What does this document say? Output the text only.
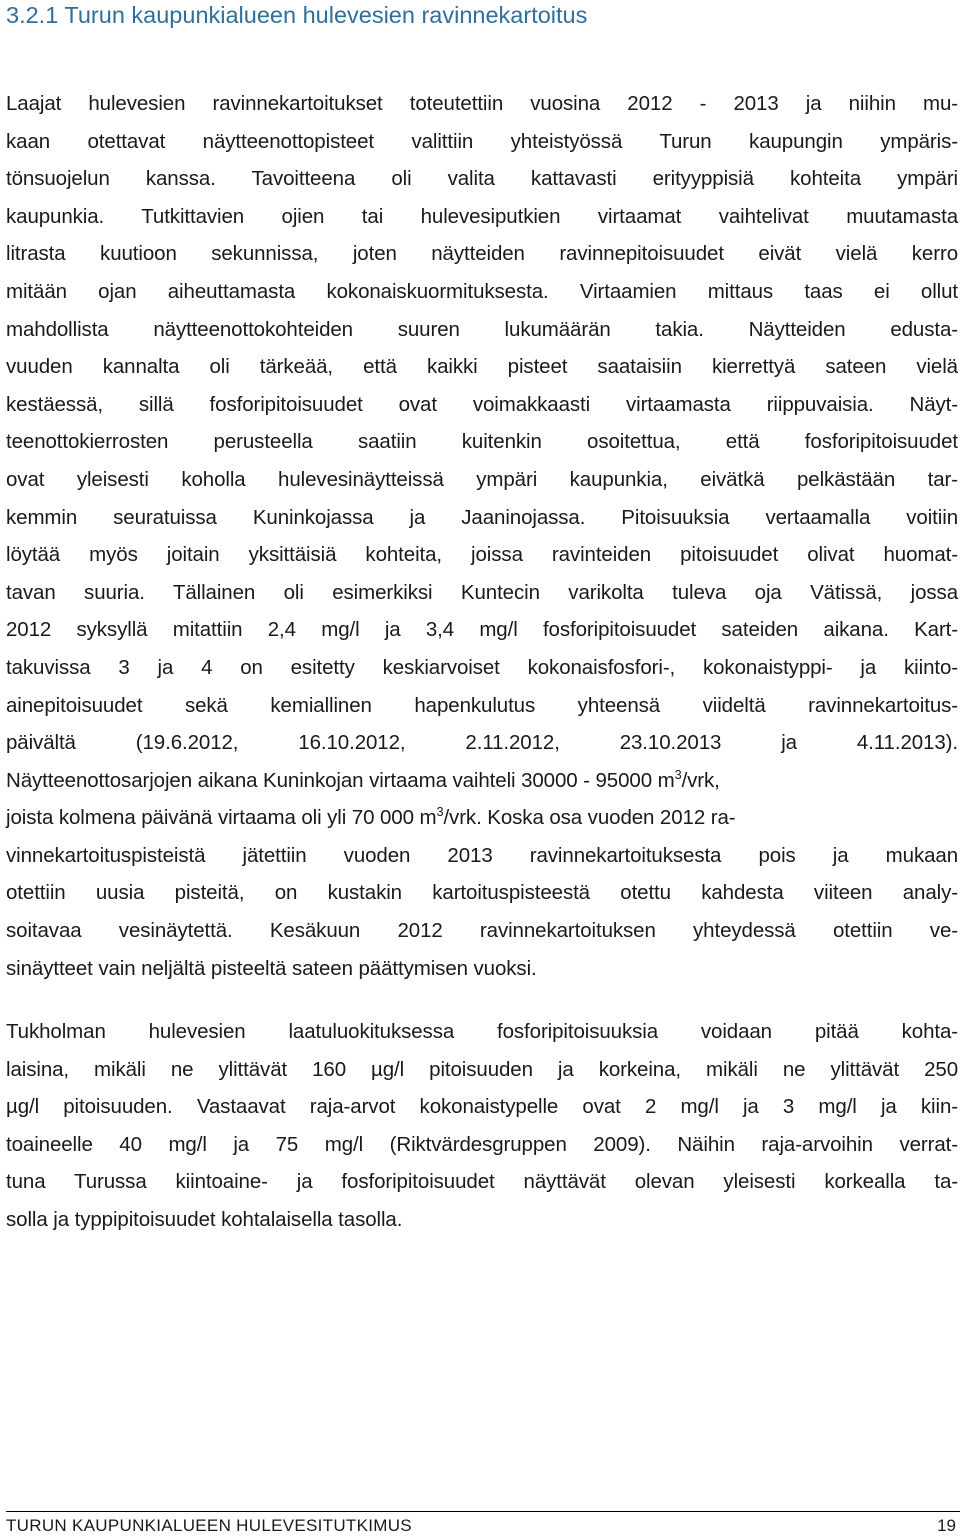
3.2.1 Turun kaupunkialueen hulevesien ravinnekartoitus
Laajat hulevesien ravinnekartoitukset toteutettiin vuosina 2012 - 2013 ja niihin mu-
kaan otettavat näytteenottopisteet valittiin yhteistyössä Turun kaupungin ympäris-
tönsuojelun kanssa. Tavoitteena oli valita kattavasti erityyppisiä kohteita ympäri
kaupunkia. Tutkittavien ojien tai hulevesiputkien virtaamat vaihtelivat muutamasta
litrasta kuutioon sekunnissa, joten näytteiden ravinnepitoisuudet eivät vielä kerro
mitään ojan aiheuttamasta kokonaiskuormituksesta. Virtaamien mittaus taas ei ollut
mahdollista näytteenottokohteiden suuren lukumäärän takia. Näytteiden edusta-
vuuden kannalta oli tärkeää, että kaikki pisteet saataisiin kierrettyä sateen vielä
kestäessä, sillä fosforipitoisuudet ovat voimakkaasti virtaamasta riippuvaisia. Näyt-
teenottokierrosten perusteella saatiin kuitenkin osoitettua, että fosforipitoisuudet
ovat yleisesti koholla hulevesinäytteissä ympäri kaupunkia, eivätkä pelkästään tar-
kemmin seuratuissa Kuninkojassa ja Jaaninojassa. Pitoisuuksia vertaamalla voitiin
löytää myös joitain yksittäisiä kohteita, joissa ravinteiden pitoisuudet olivat huomat-
tavan suuria. Tällainen oli esimerkiksi Kuntecin varikolta tuleva oja Vätissä, jossa
2012 syksyllä mitattiin 2,4 mg/l ja 3,4 mg/l fosforipitoisuudet sateiden aikana. Kart-
takuvissa 3 ja 4 on esitetty keskiarvoiset kokonaisfosfori-, kokonaistyppi- ja kiinto-
ainepitoisuudet sekä kemiallinen hapenkulutus yhteensä viideltä ravinnekartoitus-
päivältä (19.6.2012, 16.10.2012, 2.11.2012, 23.10.2013 ja 4.11.2013).
Näytteenottosarjojen aikana Kuninkojan virtaama vaihteli 30000 - 95000 $m^3$/vrk,
joista kolmena päivänä virtaama oli yli 70 000 $m^3$/vrk. Koska osa vuoden 2012 ra-
vinnekartoituspisteistä jätettiin vuoden 2013 ravinnekartoituksesta pois ja mukaan
otettiin uusia pisteitä, on kustakin kartoituspisteestä otettu kahdesta viiteen analy-
soitavaa vesinäytettä. Kesäkuun 2012 ravinnekartoituksen yhteydessä otettiin ve-
sinäytteet vain neljältä pisteeltä sateen päättymisen vuoksi.
Tukholman hulevesien laatuluokituksessa fosforipitoisuuksia voidaan pitää kohta-
laisina, mikäli ne ylittävät 160 µg/l pitoisuuden ja korkeina, mikäli ne ylittävät 250
µg/l pitoisuuden. Vastaavat raja-arvot kokonaistypelle ovat 2 mg/l ja 3 mg/l ja kiin-
toaineelle 40 mg/l ja 75 mg/l (Riktvärdesgruppen 2009). Näihin raja-arvoihin verrat-
tuna Turussa kiintoaine- ja fosforipitoisuudet näyttävät olevan yleisesti korkealla ta-
solla ja typpipitoisuudet kohtalaisella tasolla.
TURUN KAUPUNKIALUEEN HULEVESITUTKIMUS	19
